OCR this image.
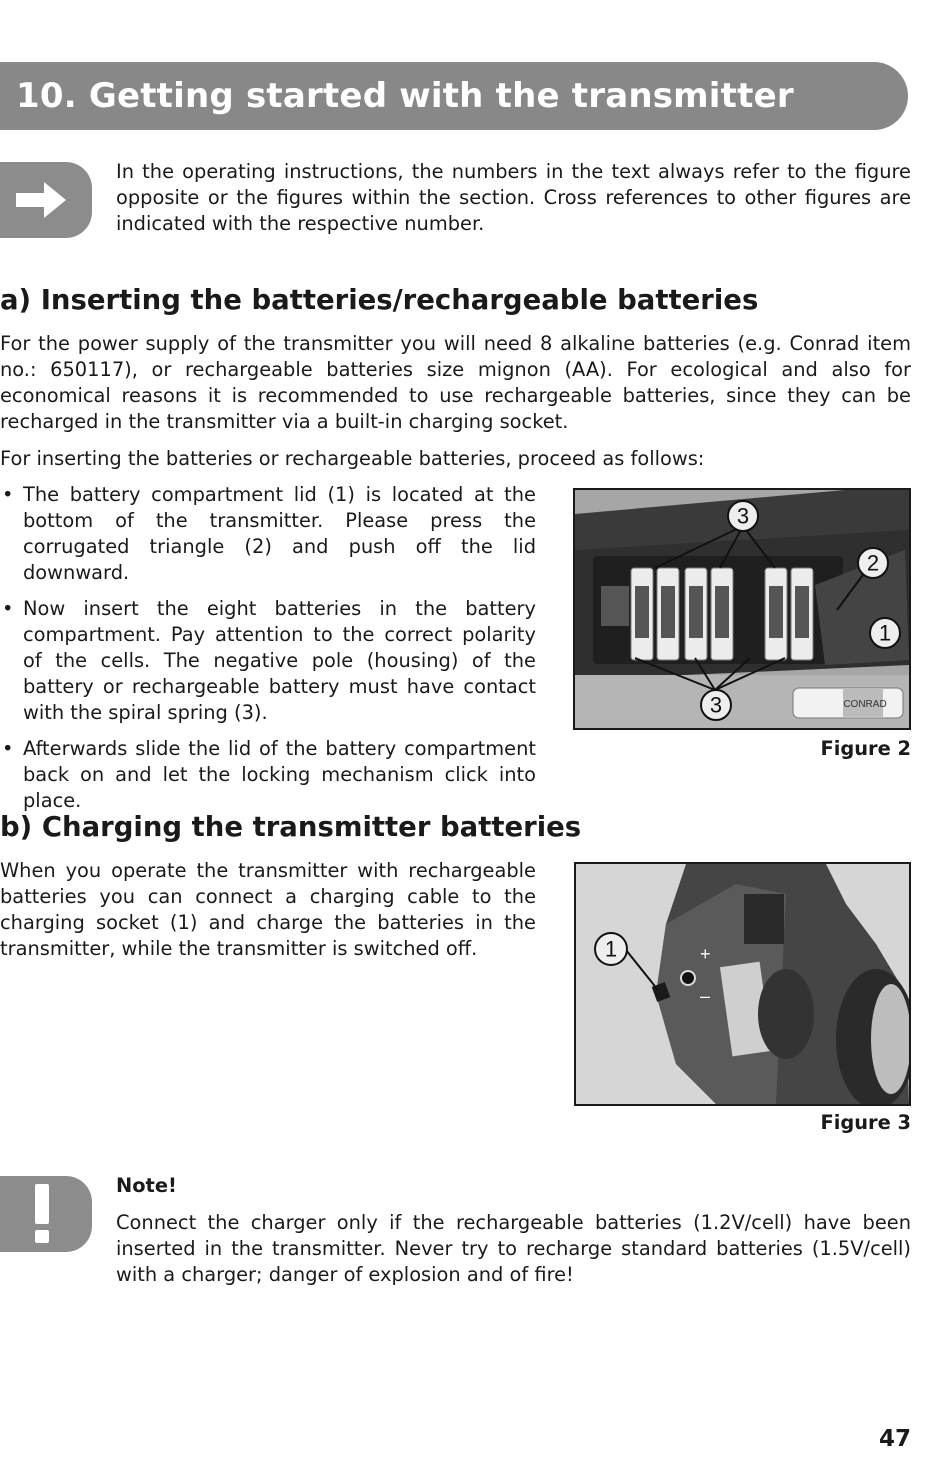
10. Getting started with the transmitter
In the operating instructions, the numbers in the text always refer to the figure opposite or the figures within the section. Cross references to other figures are indicated with the respective number.
a) Inserting the batteries/rechargeable batteries
For the power supply of the transmitter you will need 8 alkaline batteries (e.g. Conrad item no.: 650117), or rechargeable batteries size mignon (AA). For ecological and also for economical reasons it is recommended to use rechargeable batteries, since they can be recharged in the transmitter via a built-in charging socket.
For inserting the batteries or rechargeable batteries, proceed as follows:
• The battery compartment lid (1) is located at the bottom of the transmitter. Please press the corrugated triangle (2) and push off the lid downward.
• Now insert the eight batteries in the battery compartment. Pay attention to the correct polarity of the cells. The negative pole (housing) of the battery or rechargeable battery must have contact with the spiral spring (3).
• Afterwards slide the lid of the battery compartment back on and let the locking mechanism click into place.
CONRAD
3
2
1
3
Figure 2
b) Charging the transmitter batteries
When you operate the transmitter with rechargeable batteries you can connect a charging cable to the charging socket (1) and charge the batteries in the transmitter, while the transmitter is switched off.	+
–
1
Figure 3
Note!
Connect the charger only if the rechargeable batteries (1.2V/cell) have been inserted in the transmitter. Never try to recharge standard batteries (1.5V/cell) with a charger; danger of explosion and of fire!
47
